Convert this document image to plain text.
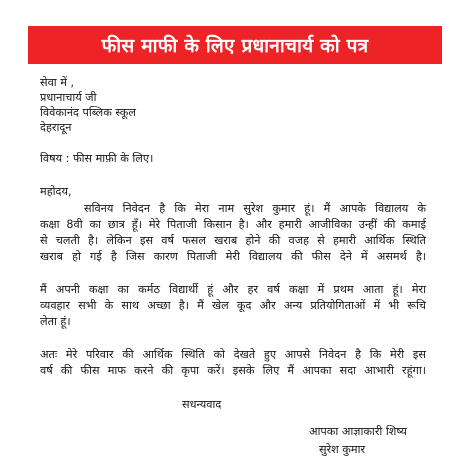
फीस माफी के लिए प्रधानाचार्य को पत्र
सेवा में ,
प्रधानाचार्य जी
विवेकानंद पब्लिक स्कूल
देहरादून
विषय : फीस माफ़ी के लिए।
महोदय,
सविनय निवेदन है कि मेरा नाम सुरेश कुमार हूं। मैं आपके विद्यालय के
कक्षा 8वी का छात्र हूँ। मेरे पिताजी किसान है। और हमारी आजीविका उन्हीं की कमाई
से चलती है। लेकिन इस वर्ष फसल खराब होने की वजह से हमारी आर्थिक स्थिति
खराब हो गई है जिस कारण पिताजी मेरी विद्यालय की फीस देने में असमर्थ है।
मैं अपनी कक्षा का कर्मठ विद्यार्थी हूं और हर वर्ष कक्षा में प्रथम आता हूं। मेरा
व्यवहार सभी के साथ अच्छा है। मैं खेल कूद और अन्य प्रतियोगिताओं में भी रूचि
लेता हूं।
अतः मेरे परिवार की आर्थिक स्थिति को देखते हुए आपसे निवेदन है कि मेरी इस
वर्ष की फीस माफ करने की कृपा करें। इसके लिए मैं आपका सदा आभारी रहूंगा।
सधन्यवाद
आपका आज्ञाकारी शिष्य
सुरेश कुमार
